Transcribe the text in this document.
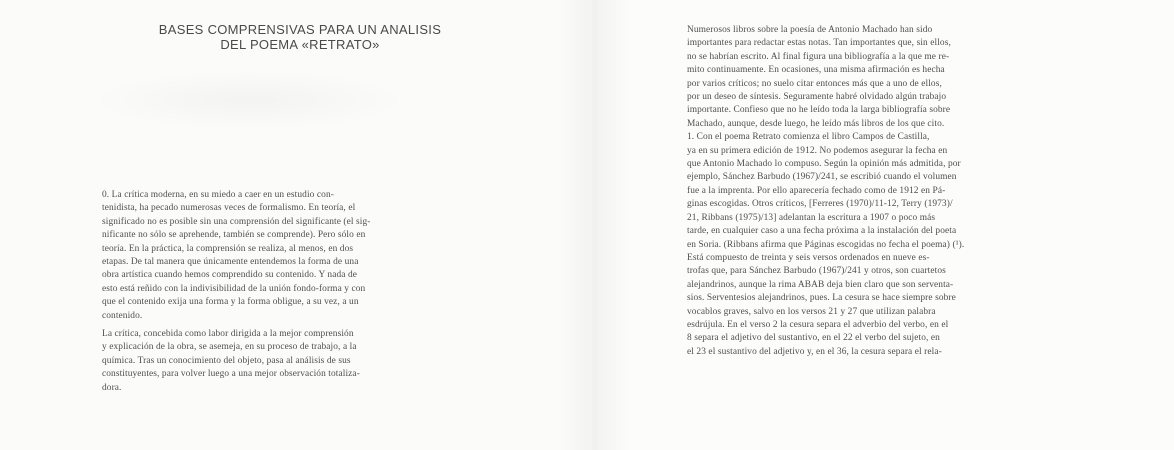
BASES COMPRENSIVAS PARA UN ANALISIS
DEL POEMA «RETRATO»
0. La crítica moderna, en su miedo a caer en un estudio con-
tenidista, ha pecado numerosas veces de formalismo. En teoría, el
significado no es posible sin una comprensión del significante (el sig-
nificante no sólo se aprehende, también se comprende). Pero sólo en
teoría. En la práctica, la comprensión se realiza, al menos, en dos
etapas. De tal manera que únicamente entendemos la forma de una
obra artística cuando hemos comprendido su contenido. Y nada de
esto está reñido con la indivisibilidad de la unión fondo-forma y con
que el contenido exija una forma y la forma obligue, a su vez, a un
contenido.
La crítica, concebida como labor dirigida a la mejor comprensión
y explicación de la obra, se asemeja, en su proceso de trabajo, a la
química. Tras un conocimiento del objeto, pasa al análisis de sus
constituyentes, para volver luego a una mejor observación totaliza-
dora.
Numerosos libros sobre la poesía de Antonio Machado han sido
importantes para redactar estas notas. Tan importantes que, sin ellos,
no se habrían escrito. Al final figura una bibliografía a la que me re-
mito continuamente. En ocasiones, una misma afirmación es hecha
por varios críticos; no suelo citar entonces más que a uno de ellos,
por un deseo de síntesis. Seguramente habré olvidado algún trabajo
importante. Confieso que no he leído toda la larga bibliografía sobre
Machado, aunque, desde luego, he leído más libros de los que cito.
1. Con el poema Retrato comienza el libro Campos de Castilla,
ya en su primera edición de 1912. No podemos asegurar la fecha en
que Antonio Machado lo compuso. Según la opinión más admitida, por
ejemplo, Sánchez Barbudo (1967)/241, se escribió cuando el volumen
fue a la imprenta. Por ello aparecería fechado como de 1912 en Pá-
ginas escogidas. Otros críticos, [Ferreres (1970)/11-12, Terry (1973)/
21, Ribbans (1975)/13] adelantan la escritura a 1907 o poco más
tarde, en cualquier caso a una fecha próxima a la instalación del poeta
en Soria. (Ribbans afirma que Páginas escogidas no fecha el poema) (¹).
Está compuesto de treinta y seis versos ordenados en nueve es-
trofas que, para Sánchez Barbudo (1967)/241 y otros, son cuartetos
alejandrinos, aunque la rima ABAB deja bien claro que son serventa-
sios. Serventesios alejandrinos, pues. La cesura se hace siempre sobre
vocablos graves, salvo en los versos 21 y 27 que utilizan palabra
esdrújula. En el verso 2 la cesura separa el adverbio del verbo, en el
8 separa el adjetivo del sustantivo, en el 22 el verbo del sujeto, en
el 23 el sustantivo del adjetivo y, en el 36, la cesura separa el rela-
